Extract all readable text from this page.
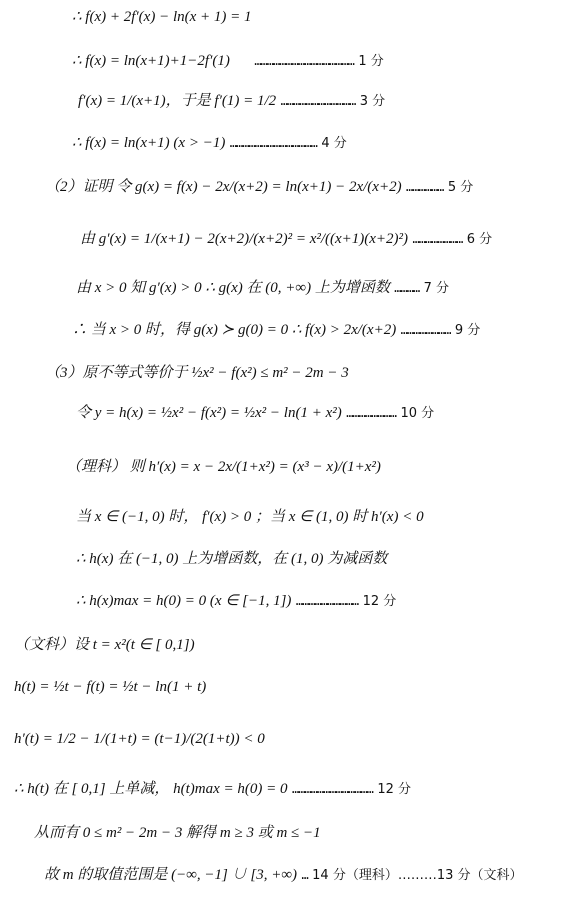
∴ f(x) + 2f′(x) − ln(x + 1) = 1
∴ f(x) = ln(x+1)+1−2f′(1) ………………………………………… 1 分
f′(x) = 1/(x+1)，于是 f′(1) = 1/2 ……………………………… 3 分
∴ f(x) = ln(x+1) (x > −1) …………………………………… 4 分
（2）证明 令 g(x) = f(x) − 2x/(x+2) = ln(x+1) − 2x/(x+2) ……………… 5 分
由 g′(x) = 1/(x+1) − 2(x+2)/(x+2)² = x²/((x+1)(x+2)²) …………………… 6 分
由 x > 0 知 g′(x) > 0 ∴ g(x) 在 (0, +∞) 上为增函数 ………… 7 分
∴ 当 x > 0 时，得 g(x) ≻ g(0) = 0 ∴ f(x) > 2x/(x+2) …………………… 9 分
（3）原不等式等价于 ½x² − f(x²) ≤ m² − 2m − 3
令 y = h(x) = ½x² − f(x²) = ½x² − ln(1 + x²) …………………… 10 分
（理科） 则 h′(x) = x − 2x/(1+x²) = (x³ − x)/(1+x²)
当 x ∈ (−1, 0) 时， f′(x) > 0 ；当 x ∈ (1, 0) 时 h′(x) < 0
∴ h(x) 在 (−1, 0) 上为增函数，在 (1, 0) 为减函数
∴ h(x)max = h(0) = 0 (x ∈ [−1, 1]) ………………………… 12 分
（文科）设 t = x²(t ∈ [ 0,1])
h(t) = ½t − f(t) = ½t − ln(1 + t)
h′(t) = 1/2 − 1/(1+t) = (t−1)/(2(1+t)) < 0
∴ h(t) 在 [ 0,1] 上单减， h(t)max = h(0) = 0 ………………………………… 12 分
从而有 0 ≤ m² − 2m − 3 解得 m ≥ 3 或 m ≤ −1
故 m 的取值范围是 (−∞, −1] ∪ [3, +∞) … 14 分（理科）………13 分（文科）
